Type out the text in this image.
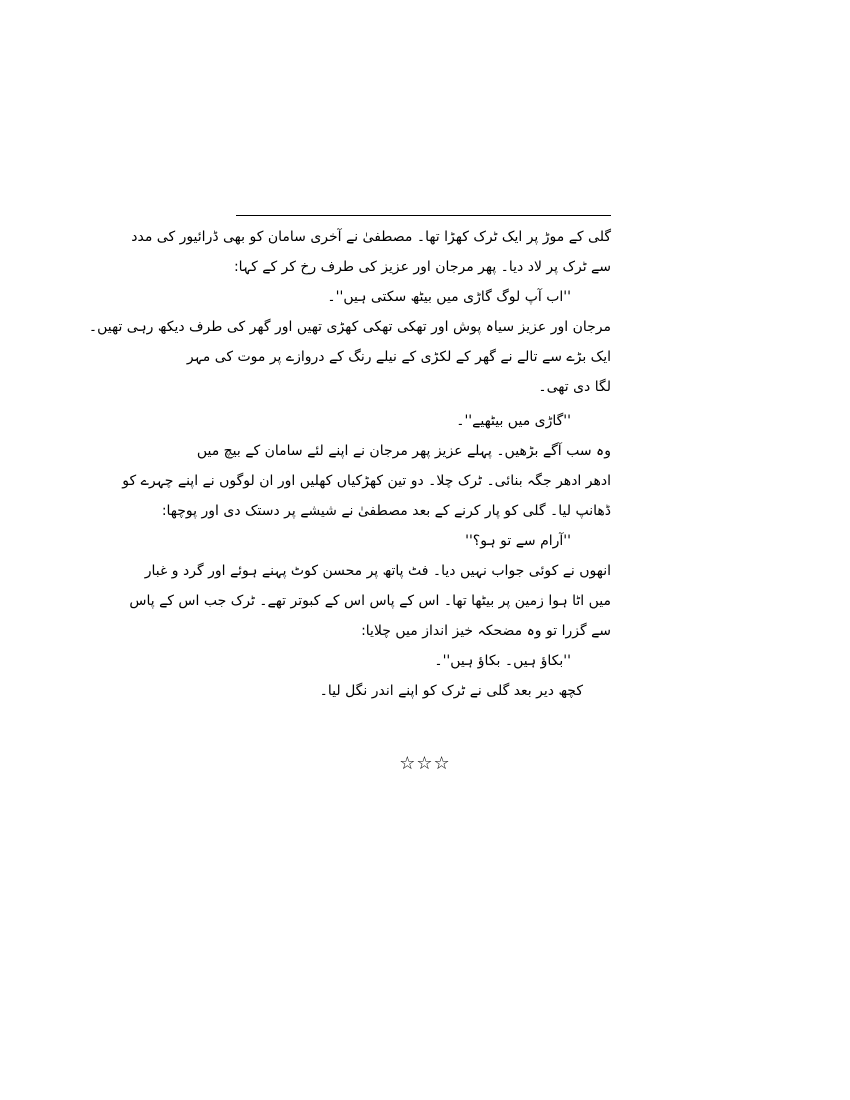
گلی کے موڑ پر ایک ٹرک کھڑا تھا۔ مصطفیٰ نے آخری سامان کو بھی ڈرائیور کی مدد
سے ٹرک پر لاد دیا۔ پھر مرجان اور عزیز کی طرف رخ کر کے کہا:
''اب آپ لوگ گاڑی میں بیٹھ سکتی ہیں''۔
مرجان اور عزیز سیاہ پوش اور تھکی تھکی کھڑی تھیں اور گھر کی طرف دیکھ رہی تھیں۔
ایک بڑے سے تالے نے گھر کے لکڑی کے نیلے رنگ کے دروازے پر موت کی مہر
لگا دی تھی۔
''گاڑی میں بیٹھیے''۔
وہ سب آگے بڑھیں۔ پہلے عزیز پھر مرجان نے اپنے لئے سامان کے بیچ میں
ادھر ادھر جگہ بنائی۔ ٹرک چلا۔ دو تین کھڑکیاں کھلیں اور ان لوگوں نے اپنے چہرے کو
ڈھانپ لیا۔ گلی کو پار کرنے کے بعد مصطفیٰ نے شیشے پر دستک دی اور پوچھا:
''آرام سے تو ہو؟''
انھوں نے کوئی جواب نہیں دیا۔ فٹ پاتھ پر محسن کوٹ پہنے ہوئے اور گرد و غبار
میں اٹا ہوا زمین پر بیٹھا تھا۔ اس کے پاس اس کے کبوتر تھے۔ ٹرک جب اس کے پاس
سے گزرا تو وہ مضحکہ خیز انداز میں چلایا:
''بکاؤ ہیں۔ بکاؤ ہیں''۔
کچھ دیر بعد گلی نے ٹرک کو اپنے اندر نگل لیا۔
☆☆☆
